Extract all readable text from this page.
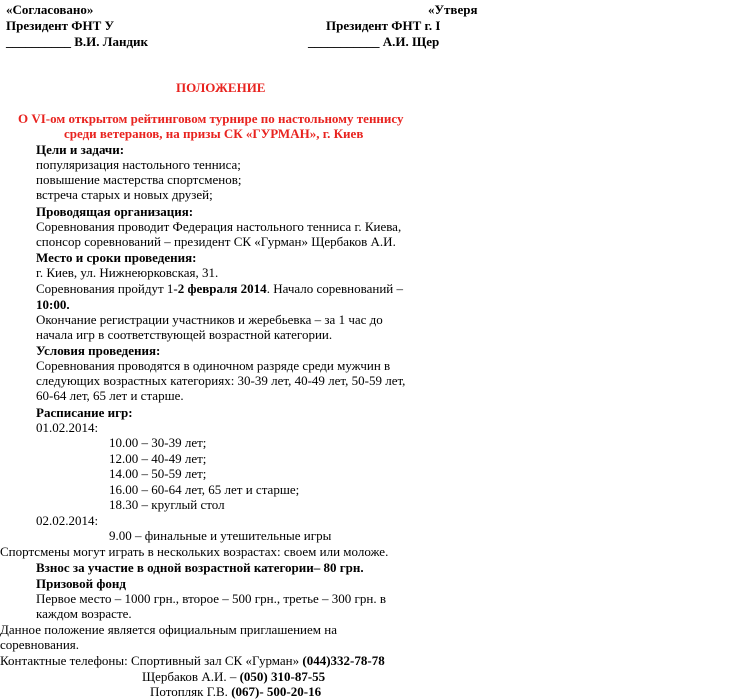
«Согласовано»
Президент ФНТ У
__________ В.И. Ландик
«Утверя
Президент ФНТ г. I
___________ А.И. Щер
ПОЛОЖЕНИЕ
О VI-ом открытом рейтинговом турнире по настольному теннису
среди ветеранов, на призы СК «ГУРМАН», г. Киев
Цели и задачи:
популяризация настольного тенниса;
повышение мастерства спортсменов;
встреча старых и новых друзей;
Проводящая организация:
Соревнования проводит Федерация настольного тенниса г. Киева,
спонсор соревнований – президент СК «Гурман» Щербаков А.И.
Место и сроки проведения:
г. Киев, ул. Нижнеюрковская, 31.
Соревнования пройдут 1-2 февраля 2014. Начало соревнований –
10:00.
Окончание регистрации участников и жеребьевка – за 1 час до
начала игр в соответствующей возрастной категории.
Условия проведения:
Соревнования проводятся в одиночном разряде среди мужчин в
следующих возрастных категориях: 30-39 лет, 40-49 лет, 50-59 лет,
60-64 лет, 65 лет и старше.
Расписание игр:
01.02.2014:
10.00 – 30-39 лет;
12.00 – 40-49 лет;
14.00 – 50-59 лет;
16.00 – 60-64 лет, 65 лет и старше;
18.30 – круглый стол
02.02.2014:
9.00 – финальные и утешительные игры
Спортсмены могут играть в нескольких возрастах: своем или моложе.
Взнос за участие в одной возрастной категории– 80 грн.
Призовой фонд
Первое место – 1000 грн., второе – 500 грн., третье – 300 грн. в
каждом возрасте.
Данное положение является официальным приглашением на
соревнования.
Контактные телефоны: Спортивный зал СК «Гурман» (044)332-78-78
Щербаков А.И. – (050) 310-87-55
Потопляк Г.В. (067)- 500-20-16
